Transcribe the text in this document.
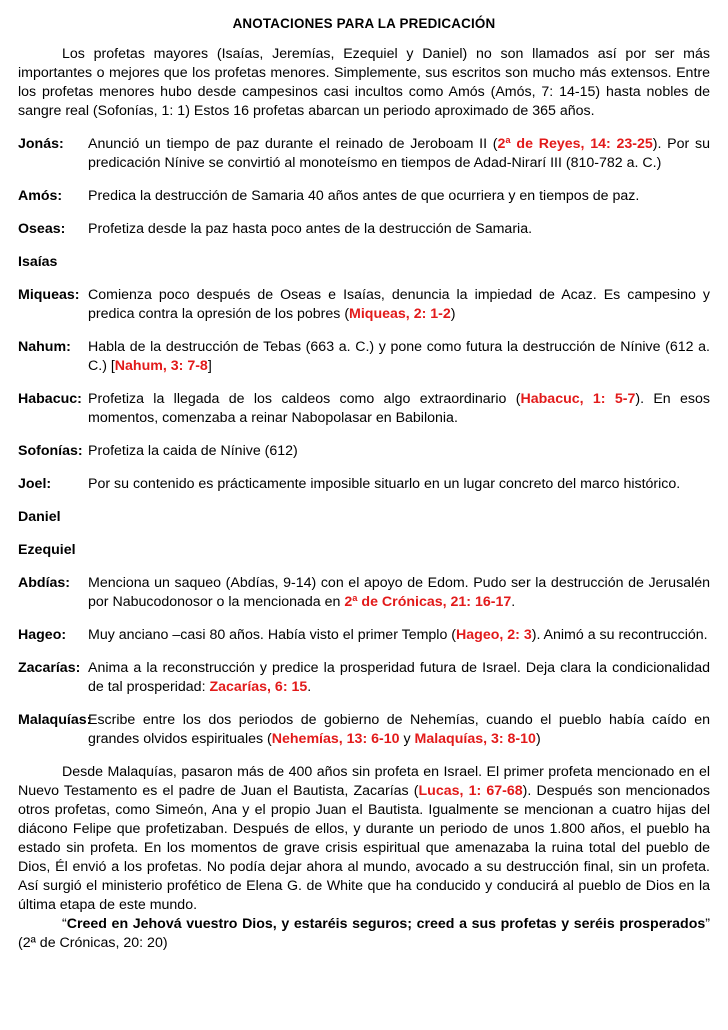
ANOTACIONES PARA LA PREDICACIÓN

Los profetas mayores (Isaías, Jeremías, Ezequiel y Daniel) no son llamados así por ser más importantes o mejores que los profetas menores. Simplemente, sus escritos son mucho más extensos. Entre los profetas menores hubo desde campesinos casi incultos como Amós (Amós, 7: 14-15) hasta nobles de sangre real (Sofonías, 1: 1) Estos 16 profetas abarcan un periodo aproximado de 365 años.

Jonás:	Anunció un tiempo de paz durante el reinado de Jeroboam II (2ª de Reyes, 14: 23-25). Por su predicación Nínive se convirtió al monoteísmo en tiempos de Adad-Nirarí III (810-782 a. C.)
Amós:	Predica la destrucción de Samaria 40 años antes de que ocurriera y en tiempos de paz.
Oseas:	Profetiza desde la paz hasta poco antes de la destrucción de Samaria.
Isaías
Miqueas: Comienza poco después de Oseas e Isaías, denuncia la impiedad de Acaz. Es campesino y predica contra la opresión de los pobres (Miqueas, 2: 1-2)
Nahum:	Habla de la destrucción de Tebas (663 a. C.) y pone como futura la destrucción de Nínive (612 a. C.) [Nahum, 3: 7-8]
Habacuc: Profetiza la llegada de los caldeos como algo extraordinario (Habacuc, 1: 5-7). En esos momentos, comenzaba a reinar Nabopolasar en Babilonia.
Sofonías: Profetiza la caida de Nínive (612)
Joel:	Por su contenido es prácticamente imposible situarlo en un lugar concreto del marco histórico.
Daniel
Ezequiel
Abdías:	Menciona un saqueo (Abdías, 9-14) con el apoyo de Edom. Pudo ser la destrucción de Jerusalén por Nabucodonosor o la mencionada en 2ª de Crónicas, 21: 16-17.
Hageo:	Muy anciano –casi 80 años. Había visto el primer Templo (Hageo, 2: 3). Animó a su recontrucción.
Zacarías: Anima a la reconstrucción y predice la prosperidad futura de Israel. Deja clara la condicionalidad de tal prosperidad: Zacarías, 6: 15.
Malaquías:
Escribe entre los dos periodos de gobierno de Nehemías, cuando el pueblo había caído en grandes olvidos espirituales (Nehemías, 13: 6-10 y Malaquías, 3: 8-10)

Desde Malaquías, pasaron más de 400 años sin profeta en Israel. El primer profeta mencionado en el Nuevo Testamento es el padre de Juan el Bautista, Zacarías (Lucas, 1: 67-68). Después son mencionados otros profetas, como Simeón, Ana y el propio Juan el Bautista. Igualmente se mencionan a cuatro hijas del diácono Felipe que profetizaban. Después de ellos, y durante un periodo de unos 1.800 años, el pueblo ha estado sin profeta. En los momentos de grave crisis espiritual que amenazaba la ruina total del pueblo de Dios, Él envió a los profetas. No podía dejar ahora al mundo, avocado a su destrucción final, sin un profeta. Así surgió el ministerio profético de Elena G. de White que ha conducido y conducirá al pueblo de Dios en la última etapa de este mundo.

“Creed en Jehová vuestro Dios, y estaréis seguros; creed a sus profetas y seréis prosperados” (2ª de Crónicas, 20: 20)
